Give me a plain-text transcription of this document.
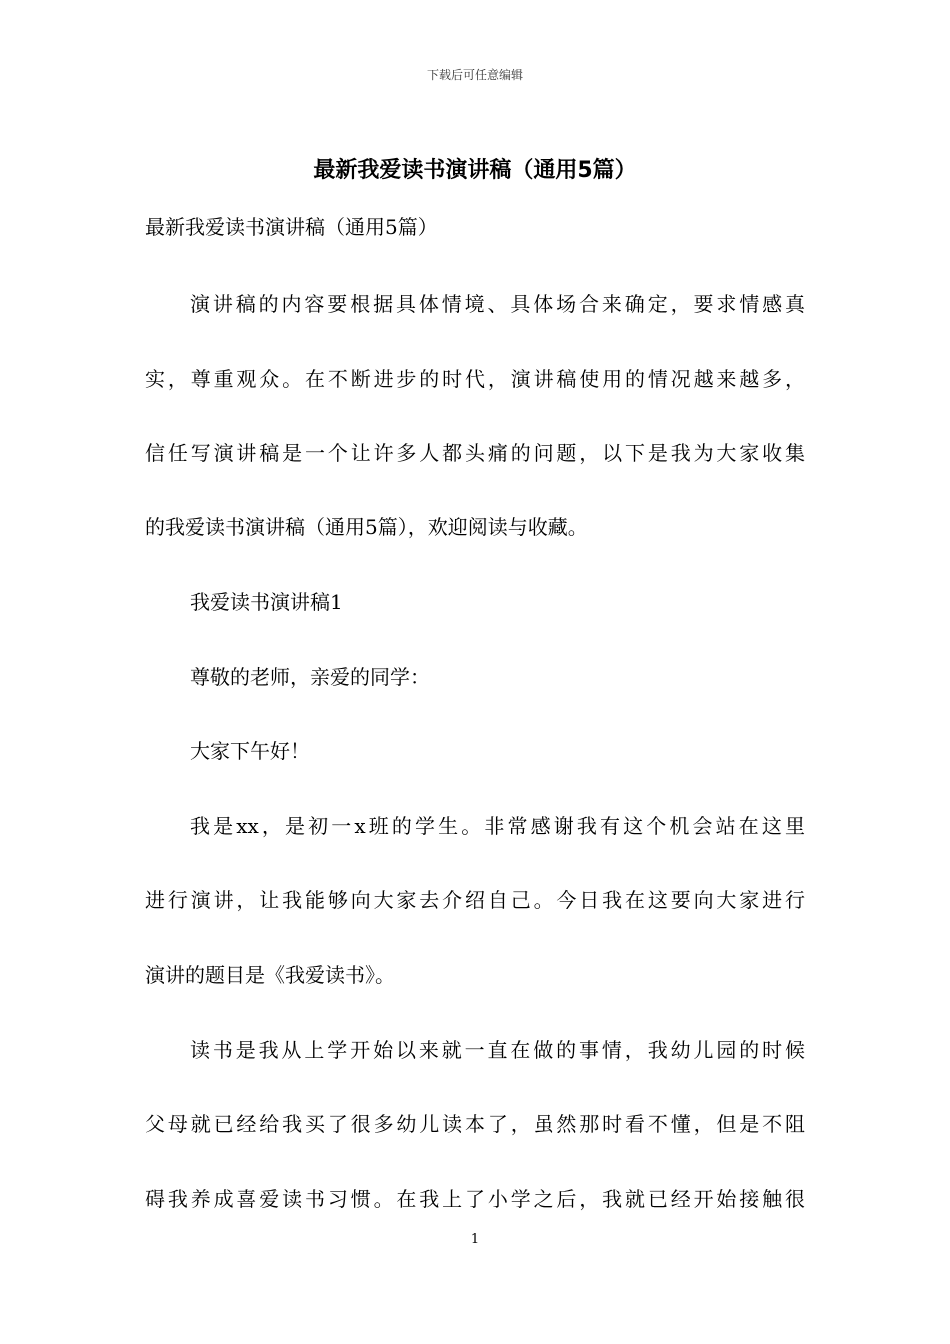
下载后可任意编辑
最新我爱读书演讲稿（通用5篇）
最新我爱读书演讲稿（通用5篇）
演讲稿的内容要根据具体情境、具体场合来确定，要求情感真
实，尊重观众。在不断进步的时代，演讲稿使用的情况越来越多，
信任写演讲稿是一个让许多人都头痛的问题，以下是我为大家收集
的我爱读书演讲稿（通用5篇），欢迎阅读与收藏。
我爱读书演讲稿1
尊敬的老师，亲爱的同学：
大家下午好！
我是xx，是初一x班的学生。非常感谢我有这个机会站在这里
进行演讲，让我能够向大家去介绍自己。今日我在这要向大家进行
演讲的题目是《我爱读书》。
读书是我从上学开始以来就一直在做的事情，我幼儿园的时候
父母就已经给我买了很多幼儿读本了，虽然那时看不懂，但是不阻
碍我养成喜爱读书习惯。在我上了小学之后，我就已经开始接触很
1
